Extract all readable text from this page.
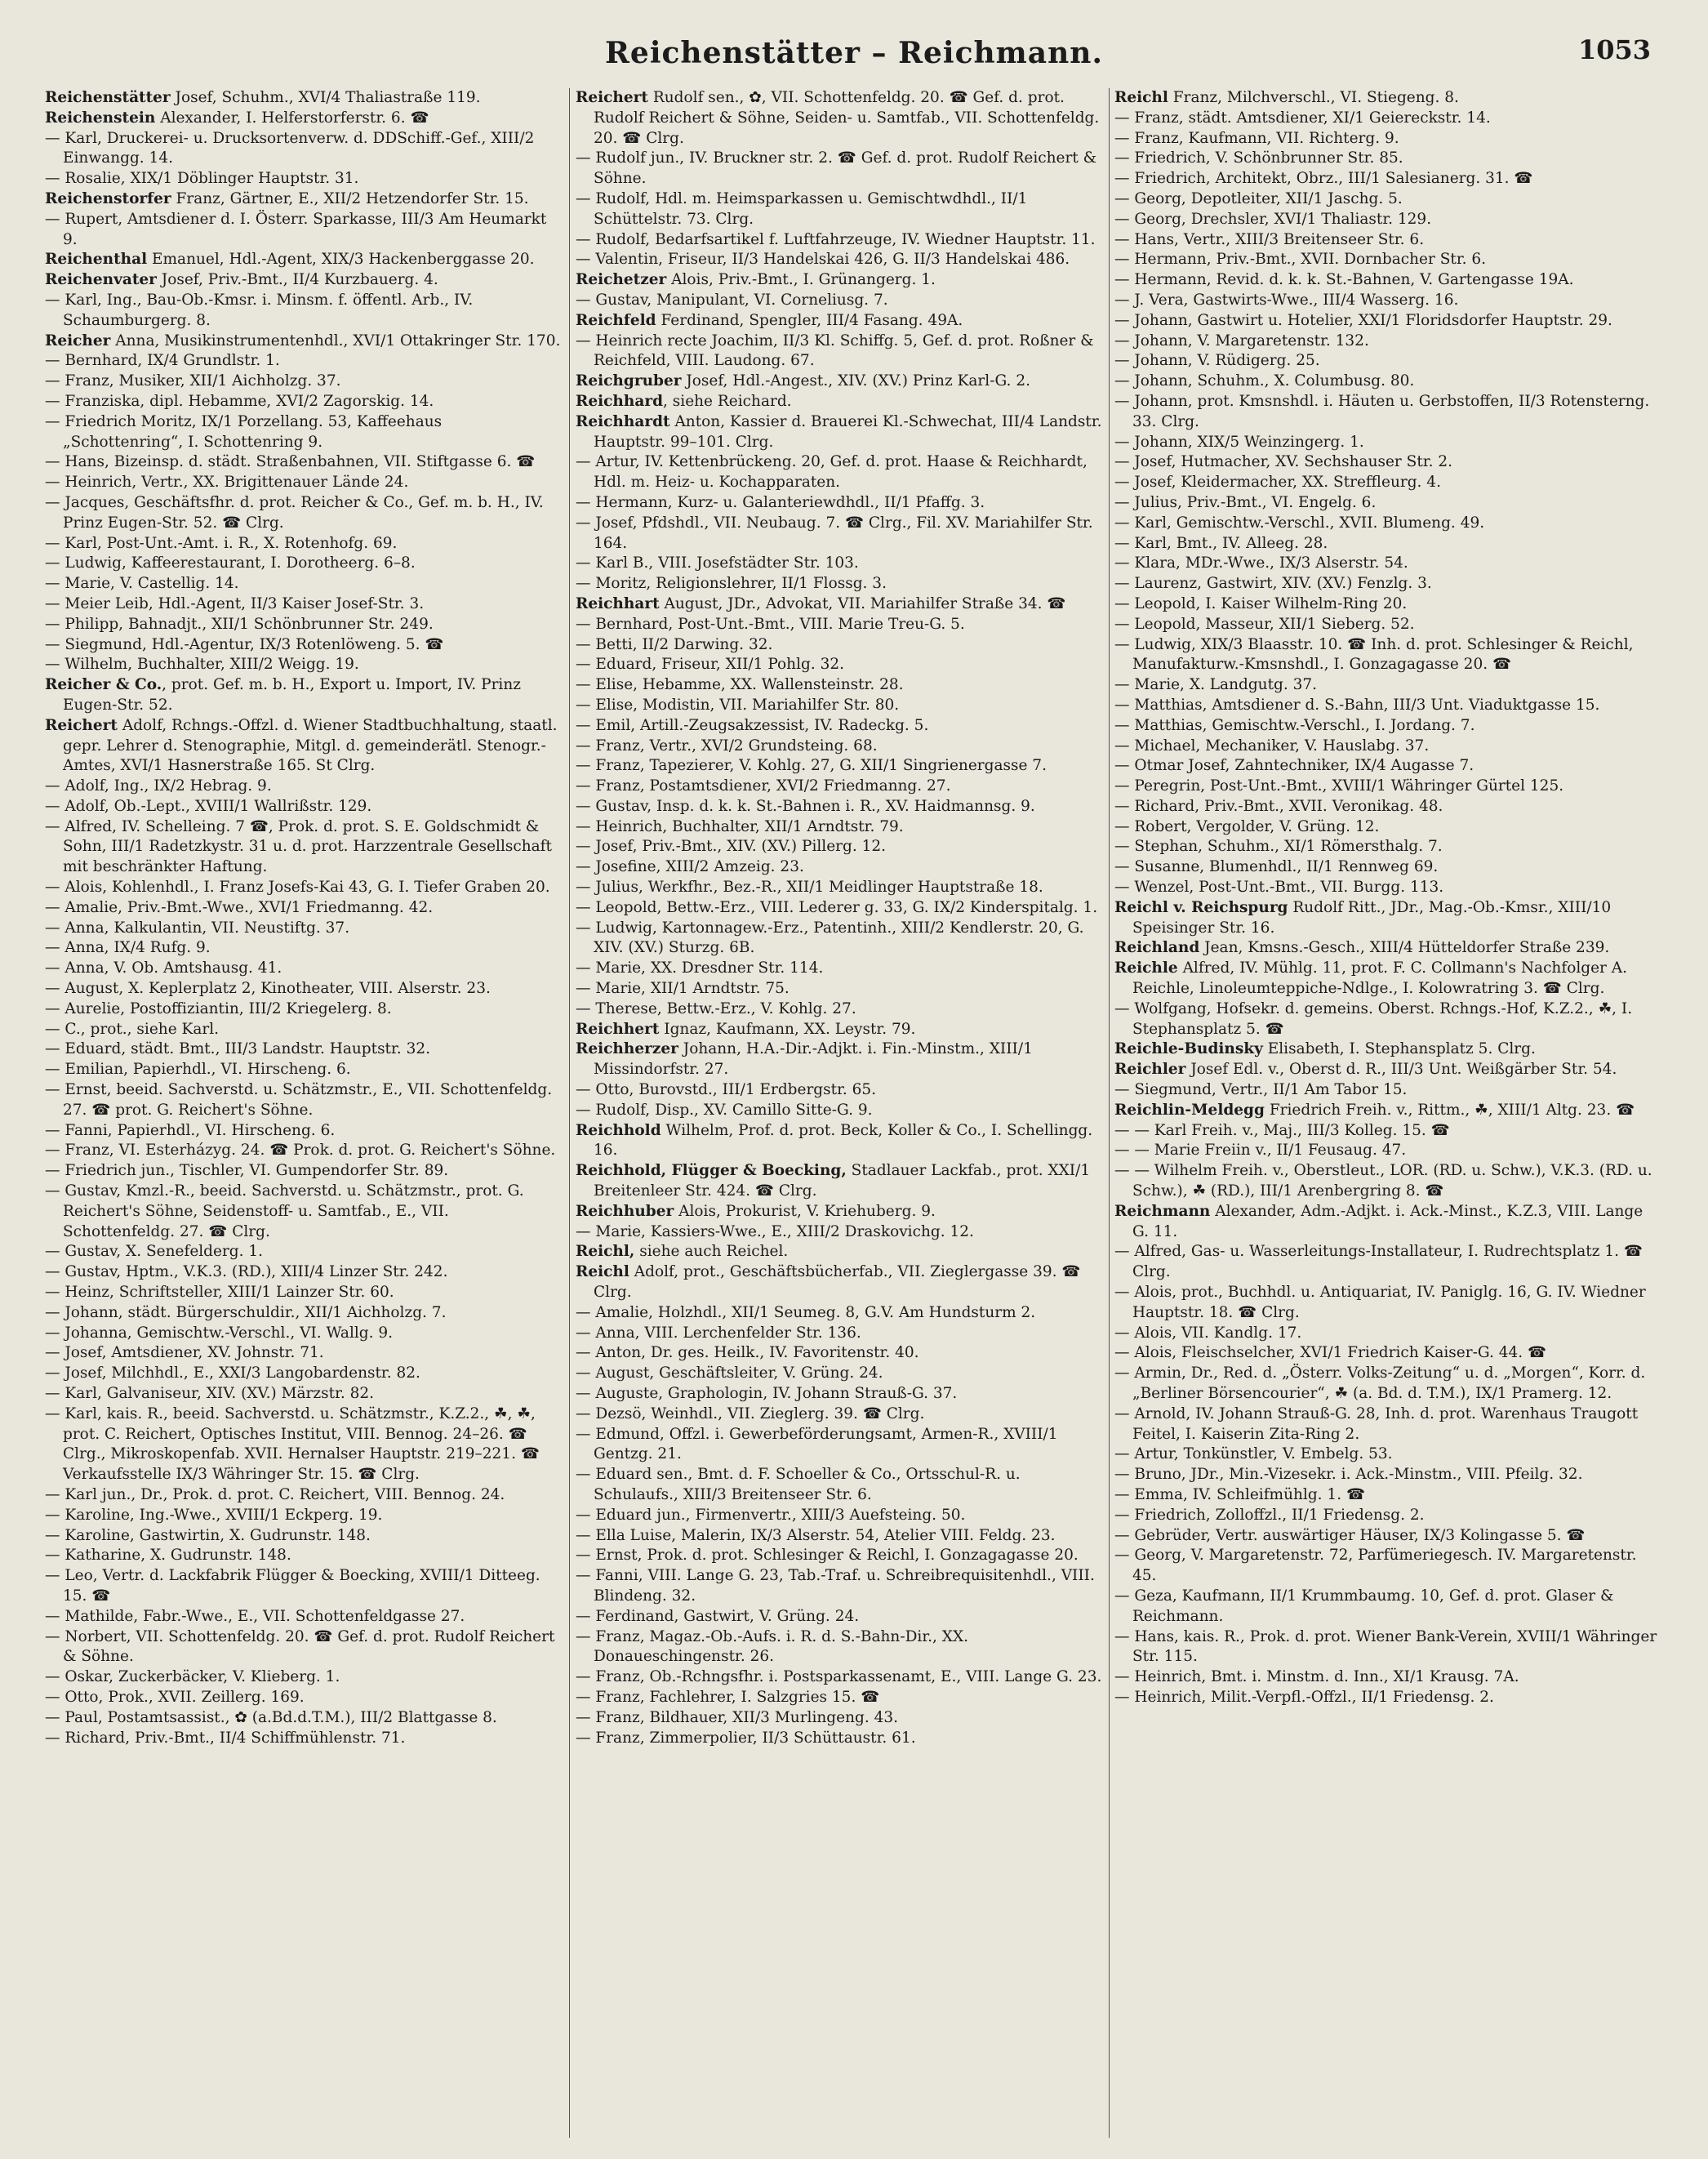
Reichenstätter – Reichmann.	1053
Reichenstätter Josef, Schuhm., XVI/4 Thaliastraße 119.
Reichenstein Alexander, I. Helferstorferstr. 6. ☎
— Karl, Druckerei- u. Drucksortenverw. d. DDSchiff.-Gef., XIII/2 Einwangg. 14.
— Rosalie, XIX/1 Döblinger Hauptstr. 31.
Reichenstorfer Franz, Gärtner, E., XII/2 Hetzendorfer Str. 15.
— Rupert, Amtsdiener d. I. Österr. Sparkasse, III/3 Am Heumarkt 9.
Reichenthal Emanuel, Hdl.-Agent, XIX/3 Hackenberggasse 20.
Reichenvater Josef, Priv.-Bmt., II/4 Kurzbauerg. 4.
— Karl, Ing., Bau-Ob.-Kmsr. i. Minsm. f. öffentl. Arb., IV. Schaumburgerg. 8.
Reicher Anna, Musikinstrumentenhdl., XVI/1 Ottakringer Str. 170.
— Bernhard, IX/4 Grundlstr. 1.
— Franz, Musiker, XII/1 Aichholzg. 37.
— Franziska, dipl. Hebamme, XVI/2 Zagorskig. 14.
— Friedrich Moritz, IX/1 Porzellang. 53, Kaffeehaus „Schottenring“, I. Schottenring 9.
— Hans, Bizeinsp. d. städt. Straßenbahnen, VII. Stiftgasse 6. ☎
— Heinrich, Vertr., XX. Brigittenauer Lände 24.
— Jacques, Geschäftsfhr. d. prot. Reicher & Co., Gef. m. b. H., IV. Prinz Eugen-Str. 52. ☎ Clrg.
— Karl, Post-Unt.-Amt. i. R., X. Rotenhofg. 69.
— Ludwig, Kaffeerestaurant, I. Dorotheerg. 6–8.
— Marie, V. Castellig. 14.
— Meier Leib, Hdl.-Agent, II/3 Kaiser Josef-Str. 3.
— Philipp, Bahnadjt., XII/1 Schönbrunner Str. 249.
— Siegmund, Hdl.-Agentur, IX/3 Rotenlöweng. 5. ☎
— Wilhelm, Buchhalter, XIII/2 Weigg. 19.
Reicher & Co., prot. Gef. m. b. H., Export u. Import, IV. Prinz Eugen-Str. 52.
Reichert Adolf, Rchngs.-Offzl. d. Wiener Stadtbuchhaltung, staatl. gepr. Lehrer d. Stenographie, Mitgl. d. gemeinderätl. Stenogr.-Amtes, XVI/1 Hasnerstraße 165. St Clrg.
— Adolf, Ing., IX/2 Hebrag. 9.
— Adolf, Ob.-Lept., XVIII/1 Wallrißstr. 129.
— Alfred, IV. Schelleing. 7 ☎, Prok. d. prot. S. E. Goldschmidt & Sohn, III/1 Radetzkystr. 31 u. d. prot. Harzzentrale Gesellschaft mit beschränkter Haftung.
— Alois, Kohlenhdl., I. Franz Josefs-Kai 43, G. I. Tiefer Graben 20.
— Amalie, Priv.-Bmt.-Wwe., XVI/1 Friedmanng. 42.
— Anna, Kalkulantin, VII. Neustiftg. 37.
— Anna, IX/4 Rufg. 9.
— Anna, V. Ob. Amtshausg. 41.
— August, X. Keplerplatz 2, Kinotheater, VIII. Alserstr. 23.
— Aurelie, Postoffiziantin, III/2 Kriegelerg. 8.
— C., prot., siehe Karl.
— Eduard, städt. Bmt., III/3 Landstr. Hauptstr. 32.
— Emilian, Papierhdl., VI. Hirscheng. 6.
— Ernst, beeid. Sachverstd. u. Schätzmstr., E., VII. Schottenfeldg. 27. ☎ prot. G. Reichert's Söhne.
— Fanni, Papierhdl., VI. Hirscheng. 6.
— Franz, VI. Esterházyg. 24. ☎ Prok. d. prot. G. Reichert's Söhne.
— Friedrich jun., Tischler, VI. Gumpendorfer Str. 89.
— Gustav, Kmzl.-R., beeid. Sachverstd. u. Schätzmstr., prot. G. Reichert's Söhne, Seidenstoff- u. Samtfab., E., VII. Schottenfeldg. 27. ☎ Clrg.
— Gustav, X. Senefelderg. 1.
— Gustav, Hptm., V.K.3. (RD.), XIII/4 Linzer Str. 242.
— Heinz, Schriftsteller, XIII/1 Lainzer Str. 60.
— Johann, städt. Bürgerschuldir., XII/1 Aichholzg. 7.
— Johanna, Gemischtw.-Verschl., VI. Wallg. 9.
— Josef, Amtsdiener, XV. Johnstr. 71.
— Josef, Milchhdl., E., XXI/3 Langobardenstr. 82.
— Karl, Galvaniseur, XIV. (XV.) Märzstr. 82.
— Karl, kais. R., beeid. Sachverstd. u. Schätzmstr., K.Z.2., ☘, ☘, prot. C. Reichert, Optisches Institut, VIII. Bennog. 24–26. ☎ Clrg., Mikroskopenfab. XVII. Hernalser Hauptstr. 219–221. ☎ Verkaufsstelle IX/3 Währinger Str. 15. ☎ Clrg.
— Karl jun., Dr., Prok. d. prot. C. Reichert, VIII. Bennog. 24.
— Karoline, Ing.-Wwe., XVIII/1 Eckperg. 19.
— Karoline, Gastwirtin, X. Gudrunstr. 148.
— Katharine, X. Gudrunstr. 148.
— Leo, Vertr. d. Lackfabrik Flügger & Boecking, XVIII/1 Ditteeg. 15. ☎
— Mathilde, Fabr.-Wwe., E., VII. Schottenfeldgasse 27.
— Norbert, VII. Schottenfeldg. 20. ☎ Gef. d. prot. Rudolf Reichert & Söhne.
— Oskar, Zuckerbäcker, V. Klieberg. 1.
— Otto, Prok., XVII. Zeillerg. 169.
— Paul, Postamtsassist., ✿ (a.Bd.d.T.M.), III/2 Blattgasse 8.
— Richard, Priv.-Bmt., II/4 Schiffmühlenstr. 71.
Reichert Rudolf sen., ✿, VII. Schottenfeldg. 20. ☎ Gef. d. prot. Rudolf Reichert & Söhne, Seiden- u. Samtfab., VII. Schottenfeldg. 20. ☎ Clrg.
— Rudolf jun., IV. Bruckner str. 2. ☎ Gef. d. prot. Rudolf Reichert & Söhne.
— Rudolf, Hdl. m. Heimsparkassen u. Gemischtwdhdl., II/1 Schüttelstr. 73. Clrg.
— Rudolf, Bedarfsartikel f. Luftfahrzeuge, IV. Wiedner Hauptstr. 11.
— Valentin, Friseur, II/3 Handelskai 426, G. II/3 Handelskai 486.
Reichetzer Alois, Priv.-Bmt., I. Grünangerg. 1.
— Gustav, Manipulant, VI. Corneliusg. 7.
Reichfeld Ferdinand, Spengler, III/4 Fasang. 49A.
— Heinrich recte Joachim, II/3 Kl. Schiffg. 5, Gef. d. prot. Roßner & Reichfeld, VIII. Laudong. 67.
Reichgruber Josef, Hdl.-Angest., XIV. (XV.) Prinz Karl-G. 2.
Reichhard, siehe Reichard.
Reichhardt Anton, Kassier d. Brauerei Kl.-Schwechat, III/4 Landstr. Hauptstr. 99–101. Clrg.
— Artur, IV. Kettenbrückeng. 20, Gef. d. prot. Haase & Reichhardt, Hdl. m. Heiz- u. Kochapparaten.
— Hermann, Kurz- u. Galanteriewdhdl., II/1 Pfaffg. 3.
— Josef, Pfdshdl., VII. Neubaug. 7. ☎ Clrg., Fil. XV. Mariahilfer Str. 164.
— Karl B., VIII. Josefstädter Str. 103.
— Moritz, Religionslehrer, II/1 Flossg. 3.
Reichhart August, JDr., Advokat, VII. Mariahilfer Straße 34. ☎
— Bernhard, Post-Unt.-Bmt., VIII. Marie Treu-G. 5.
— Betti, II/2 Darwing. 32.
— Eduard, Friseur, XII/1 Pohlg. 32.
— Elise, Hebamme, XX. Wallensteinstr. 28.
— Elise, Modistin, VII. Mariahilfer Str. 80.
— Emil, Artill.-Zeugsakzessist, IV. Radeckg. 5.
— Franz, Vertr., XVI/2 Grundsteing. 68.
— Franz, Tapezierer, V. Kohlg. 27, G. XII/1 Singrienergasse 7.
— Franz, Postamtsdiener, XVI/2 Friedmanng. 27.
— Gustav, Insp. d. k. k. St.-Bahnen i. R., XV. Haidmannsg. 9.
— Heinrich, Buchhalter, XII/1 Arndtstr. 79.
— Josef, Priv.-Bmt., XIV. (XV.) Pillerg. 12.
— Josefine, XIII/2 Amzeig. 23.
— Julius, Werkfhr., Bez.-R., XII/1 Meidlinger Hauptstraße 18.
— Leopold, Bettw.-Erz., VIII. Lederer g. 33, G. IX/2 Kinderspitalg. 1.
— Ludwig, Kartonnagew.-Erz., Patentinh., XIII/2 Kendlerstr. 20, G. XIV. (XV.) Sturzg. 6B.
— Marie, XX. Dresdner Str. 114.
— Marie, XII/1 Arndtstr. 75.
— Therese, Bettw.-Erz., V. Kohlg. 27.
Reichhert Ignaz, Kaufmann, XX. Leystr. 79.
Reichherzer Johann, H.A.-Dir.-Adjkt. i. Fin.-Minstm., XIII/1 Missindorfstr. 27.
— Otto, Burovstd., III/1 Erdbergstr. 65.
— Rudolf, Disp., XV. Camillo Sitte-G. 9.
Reichhold Wilhelm, Prof. d. prot. Beck, Koller & Co., I. Schellingg. 16.
Reichhold, Flügger & Boecking, Stadlauer Lackfab., prot. XXI/1 Breitenleer Str. 424. ☎ Clrg.
Reichhuber Alois, Prokurist, V. Kriehuberg. 9.
— Marie, Kassiers-Wwe., E., XIII/2 Draskovichg. 12.
Reichl, siehe auch Reichel.
Reichl Adolf, prot., Geschäftsbücherfab., VII. Zieglergasse 39. ☎ Clrg.
— Amalie, Holzhdl., XII/1 Seumeg. 8, G.V. Am Hundsturm 2.
— Anna, VIII. Lerchenfelder Str. 136.
— Anton, Dr. ges. Heilk., IV. Favoritenstr. 40.
— August, Geschäftsleiter, V. Grüng. 24.
— Auguste, Graphologin, IV. Johann Strauß-G. 37.
— Dezsö, Weinhdl., VII. Zieglerg. 39. ☎ Clrg.
— Edmund, Offzl. i. Gewerbeförderungsamt, Armen-R., XVIII/1 Gentzg. 21.
— Eduard sen., Bmt. d. F. Schoeller & Co., Ortsschul-R. u. Schulaufs., XIII/3 Breitenseer Str. 6.
— Eduard jun., Firmenvertr., XIII/3 Auefsteing. 50.
— Ella Luise, Malerin, IX/3 Alserstr. 54, Atelier VIII. Feldg. 23.
— Ernst, Prok. d. prot. Schlesinger & Reichl, I. Gonzagagasse 20.
— Fanni, VIII. Lange G. 23, Tab.-Traf. u. Schreibrequisitenhdl., VIII. Blindeng. 32.
— Ferdinand, Gastwirt, V. Grüng. 24.
— Franz, Magaz.-Ob.-Aufs. i. R. d. S.-Bahn-Dir., XX. Donaueschingenstr. 26.
— Franz, Ob.-Rchngsfhr. i. Postsparkassenamt, E., VIII. Lange G. 23.
— Franz, Fachlehrer, I. Salzgries 15. ☎
— Franz, Bildhauer, XII/3 Murlingeng. 43.
— Franz, Zimmerpolier, II/3 Schüttaustr. 61.
Reichl Franz, Milchverschl., VI. Stiegeng. 8.
— Franz, städt. Amtsdiener, XI/1 Geiereckstr. 14.
— Franz, Kaufmann, VII. Richterg. 9.
— Friedrich, V. Schönbrunner Str. 85.
— Friedrich, Architekt, Obrz., III/1 Salesianerg. 31. ☎
— Georg, Depotleiter, XII/1 Jaschg. 5.
— Georg, Drechsler, XVI/1 Thaliastr. 129.
— Hans, Vertr., XIII/3 Breitenseer Str. 6.
— Hermann, Priv.-Bmt., XVII. Dornbacher Str. 6.
— Hermann, Revid. d. k. k. St.-Bahnen, V. Gartengasse 19A.
— J. Vera, Gastwirts-Wwe., III/4 Wasserg. 16.
— Johann, Gastwirt u. Hotelier, XXI/1 Floridsdorfer Hauptstr. 29.
— Johann, V. Margaretenstr. 132.
— Johann, V. Rüdigerg. 25.
— Johann, Schuhm., X. Columbusg. 80.
— Johann, prot. Kmsnshdl. i. Häuten u. Gerbstoffen, II/3 Rotensterng. 33. Clrg.
— Johann, XIX/5 Weinzingerg. 1.
— Josef, Hutmacher, XV. Sechshauser Str. 2.
— Josef, Kleidermacher, XX. Streffleurg. 4.
— Julius, Priv.-Bmt., VI. Engelg. 6.
— Karl, Gemischtw.-Verschl., XVII. Blumeng. 49.
— Karl, Bmt., IV. Alleeg. 28.
— Klara, MDr.-Wwe., IX/3 Alserstr. 54.
— Laurenz, Gastwirt, XIV. (XV.) Fenzlg. 3.
— Leopold, I. Kaiser Wilhelm-Ring 20.
— Leopold, Masseur, XII/1 Sieberg. 52.
— Ludwig, XIX/3 Blaasstr. 10. ☎ Inh. d. prot. Schlesinger & Reichl, Manufakturw.-Kmsnshdl., I. Gonzagagasse 20. ☎
— Marie, X. Landgutg. 37.
— Matthias, Amtsdiener d. S.-Bahn, III/3 Unt. Viaduktgasse 15.
— Matthias, Gemischtw.-Verschl., I. Jordang. 7.
— Michael, Mechaniker, V. Hauslabg. 37.
— Otmar Josef, Zahntechniker, IX/4 Augasse 7.
— Peregrin, Post-Unt.-Bmt., XVIII/1 Währinger Gürtel 125.
— Richard, Priv.-Bmt., XVII. Veronikag. 48.
— Robert, Vergolder, V. Grüng. 12.
— Stephan, Schuhm., XI/1 Römersthalg. 7.
— Susanne, Blumenhdl., II/1 Rennweg 69.
— Wenzel, Post-Unt.-Bmt., VII. Burgg. 113.
Reichl v. Reichspurg Rudolf Ritt., JDr., Mag.-Ob.-Kmsr., XIII/10 Speisinger Str. 16.
Reichland Jean, Kmsns.-Gesch., XIII/4 Hütteldorfer Straße 239.
Reichle Alfred, IV. Mühlg. 11, prot. F. C. Collmann's Nachfolger A. Reichle, Linoleumteppiche-Ndlge., I. Kolowratring 3. ☎ Clrg.
— Wolfgang, Hofsekr. d. gemeins. Oberst. Rchngs.-Hof, K.Z.2., ☘, I. Stephansplatz 5. ☎
Reichle-Budinsky Elisabeth, I. Stephansplatz 5. Clrg.
Reichler Josef Edl. v., Oberst d. R., III/3 Unt. Weißgärber Str. 54.
— Siegmund, Vertr., II/1 Am Tabor 15.
Reichlin-Meldegg Friedrich Freih. v., Rittm., ☘, XIII/1 Altg. 23. ☎
— — Karl Freih. v., Maj., III/3 Kolleg. 15. ☎
— — Marie Freiin v., II/1 Feusaug. 47.
— — Wilhelm Freih. v., Oberstleut., LOR. (RD. u. Schw.), V.K.3. (RD. u. Schw.), ☘ (RD.), III/1 Arenbergring 8. ☎
Reichmann Alexander, Adm.-Adjkt. i. Ack.-Minst., K.Z.3, VIII. Lange G. 11.
— Alfred, Gas- u. Wasserleitungs-Installateur, I. Rudrechtsplatz 1. ☎ Clrg.
— Alois, prot., Buchhdl. u. Antiquariat, IV. Paniglg. 16, G. IV. Wiedner Hauptstr. 18. ☎ Clrg.
— Alois, VII. Kandlg. 17.
— Alois, Fleischselcher, XVI/1 Friedrich Kaiser-G. 44. ☎
— Armin, Dr., Red. d. „Österr. Volks-Zeitung“ u. d. „Morgen“, Korr. d. „Berliner Börsencourier“, ☘ (a. Bd. d. T.M.), IX/1 Pramerg. 12.
— Arnold, IV. Johann Strauß-G. 28, Inh. d. prot. Warenhaus Traugott Feitel, I. Kaiserin Zita-Ring 2.
— Artur, Tonkünstler, V. Embelg. 53.
— Bruno, JDr., Min.-Vizesekr. i. Ack.-Minstm., VIII. Pfeilg. 32.
— Emma, IV. Schleifmühlg. 1. ☎
— Friedrich, Zolloffzl., II/1 Friedensg. 2.
— Gebrüder, Vertr. auswärtiger Häuser, IX/3 Kolingasse 5. ☎
— Georg, V. Margaretenstr. 72, Parfümeriegesch. IV. Margaretenstr. 45.
— Geza, Kaufmann, II/1 Krummbaumg. 10, Gef. d. prot. Glaser & Reichmann.
— Hans, kais. R., Prok. d. prot. Wiener Bank-Verein, XVIII/1 Währinger Str. 115.
— Heinrich, Bmt. i. Minstm. d. Inn., XI/1 Krausg. 7A.
— Heinrich, Milit.-Verpfl.-Offzl., II/1 Friedensg. 2.
